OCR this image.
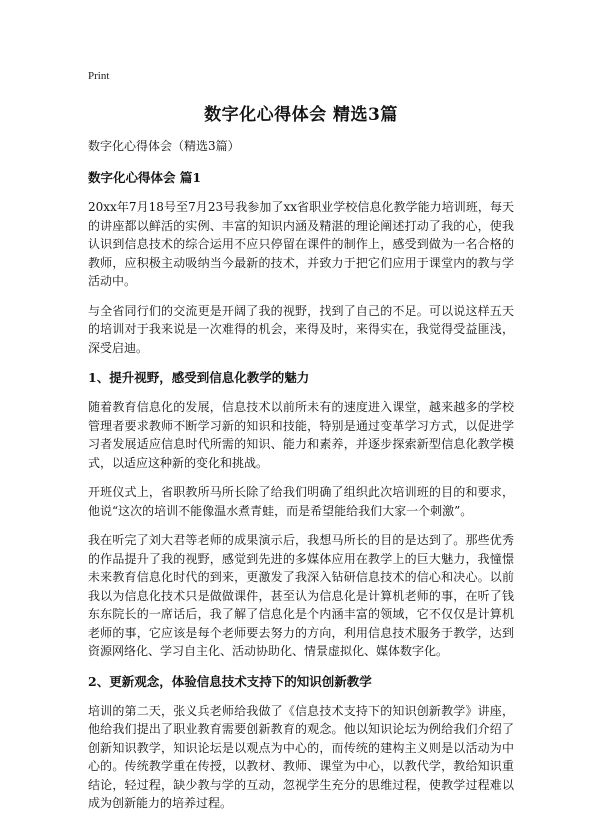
Print
数字化心得体会 精选3篇
数字化心得体会（精选3篇）
数字化心得体会 篇1

20xx年7月18号至7月23号我参加了xx省职业学校信息化教学能力培训班，每天的讲座都以鲜活的实例、丰富的知识内涵及精湛的理论阐述打动了我的心，使我认识到信息技术的综合运用不应只停留在课件的制作上，感受到做为一名合格的教师，应积极主动吸纳当今最新的技术，并致力于把它们应用于课堂内的教与学活动中。

与全省同行们的交流更是开阔了我的视野，找到了自己的不足。可以说这样五天的培训对于我来说是一次难得的机会，来得及时，来得实在，我觉得受益匪浅，深受启迪。

1、提升视野，感受到信息化教学的魅力

随着教育信息化的发展，信息技术以前所未有的速度进入课堂，越来越多的学校管理者要求教师不断学习新的知识和技能，特别是通过变革学习方式，以促进学习者发展适应信息时代所需的知识、能力和素养，并逐步探索新型信息化教学模式，以适应这种新的变化和挑战。

开班仪式上，省职教所马所长除了给我们明确了组织此次培训班的目的和要求，他说“这次的培训不能像温水煮青蛙，而是希望能给我们大家一个刺激”。

我在听完了刘大君等老师的成果演示后，我想马所长的目的是达到了。那些优秀的作品提升了我的视野，感觉到先进的多媒体应用在教学上的巨大魅力，我憧憬未来教育信息化时代的到来，更激发了我深入钻研信息技术的信心和决心。以前我以为信息化技术只是做做课件，甚至认为信息化是计算机老师的事，在听了钱东东院长的一席话后，我了解了信息化是个内涵丰富的领域，它不仅仅是计算机老师的事，它应该是每个老师要去努力的方向，利用信息技术服务于教学，达到资源网络化、学习自主化、活动协助化、情景虚拟化、媒体数字化。

2、更新观念，体验信息技术支持下的知识创新教学

培训的第二天，张义兵老师给我做了《信息技术支持下的知识创新教学》讲座，他给我们提出了职业教育需要创新教育的观念。他以知识论坛为例给我们介绍了创新知识教学，知识论坛是以观点为中心的，而传统的建构主义则是以活动为中心的。传统教学重在传授，以教材、教师、课堂为中心，以教代学，教给知识重结论，轻过程，缺少教与学的互动，忽视学生充分的思维过程，使教学过程难以成为创新能力的培养过程。
